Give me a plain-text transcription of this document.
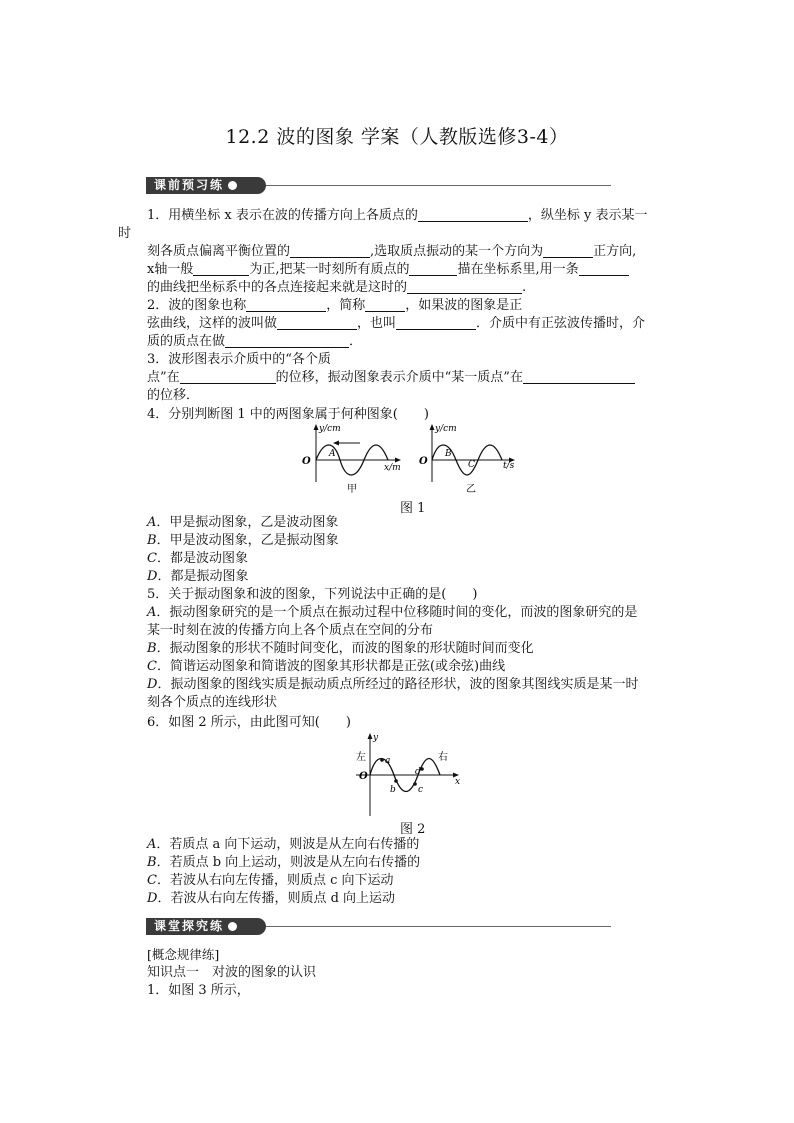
12.2 波的图象 学案（人教版选修3-4）
课前预习练
1．用横坐标 x 表示在波的传播方向上各质点的	，纵坐标 y 表示某一
时
刻各质点偏离平衡位置的	,选取质点振动的某一个方向为	正方向,
x轴一般	为正,把某一时刻所有质点的	描在坐标系里,用一条
的曲线把坐标系中的各点连接起来就是这时的	.
2．波的图象也称	，简称	，如果波的图象是正
弦曲线，这样的波叫做	，也叫	．介质中有正弦波传播时，介
质的质点在做	．
3．波形图表示介质中的“各个质
点”在	的位移，振动图象表示介质中“某一质点”在
的位移．
4．分别判断图 1 中的两图象属于何种图象(　　)
y/cm
O
A
x/m
甲
y/cm
O
B
C	t/s
乙
图 1
A．甲是振动图象，乙是波动图象
B．甲是波动图象，乙是振动图象
C．都是波动图象
D．都是振动图象
5．关于振动图象和波的图象，下列说法中正确的是(　　)
A．振动图象研究的是一个质点在振动过程中位移随时间的变化，而波的图象研究的是
某一时刻在波的传播方向上各个质点在空间的分布
B．振动图象的形状不随时间变化，而波的图象的形状随时间而变化
C．简谐运动图象和简谐波的图象其形状都是正弦(或余弦)曲线
D．振动图象的图线实质是振动质点所经过的路径形状，波的图象其图线实质是某一时
刻各个质点的连线形状
6．如图 2 所示，由此图可知(　　)
y
左	右
O	x
a
b c
d
图 2
A．若质点 a 向下运动，则波是从左向右传播的
B．若质点 b 向上运动，则波是从左向右传播的
C．若波从右向左传播，则质点 c 向下运动
D．若波从右向左传播，则质点 d 向上运动
课堂探究练
[概念规律练]
知识点一　对波的图象的认识
1．如图 3 所示，
